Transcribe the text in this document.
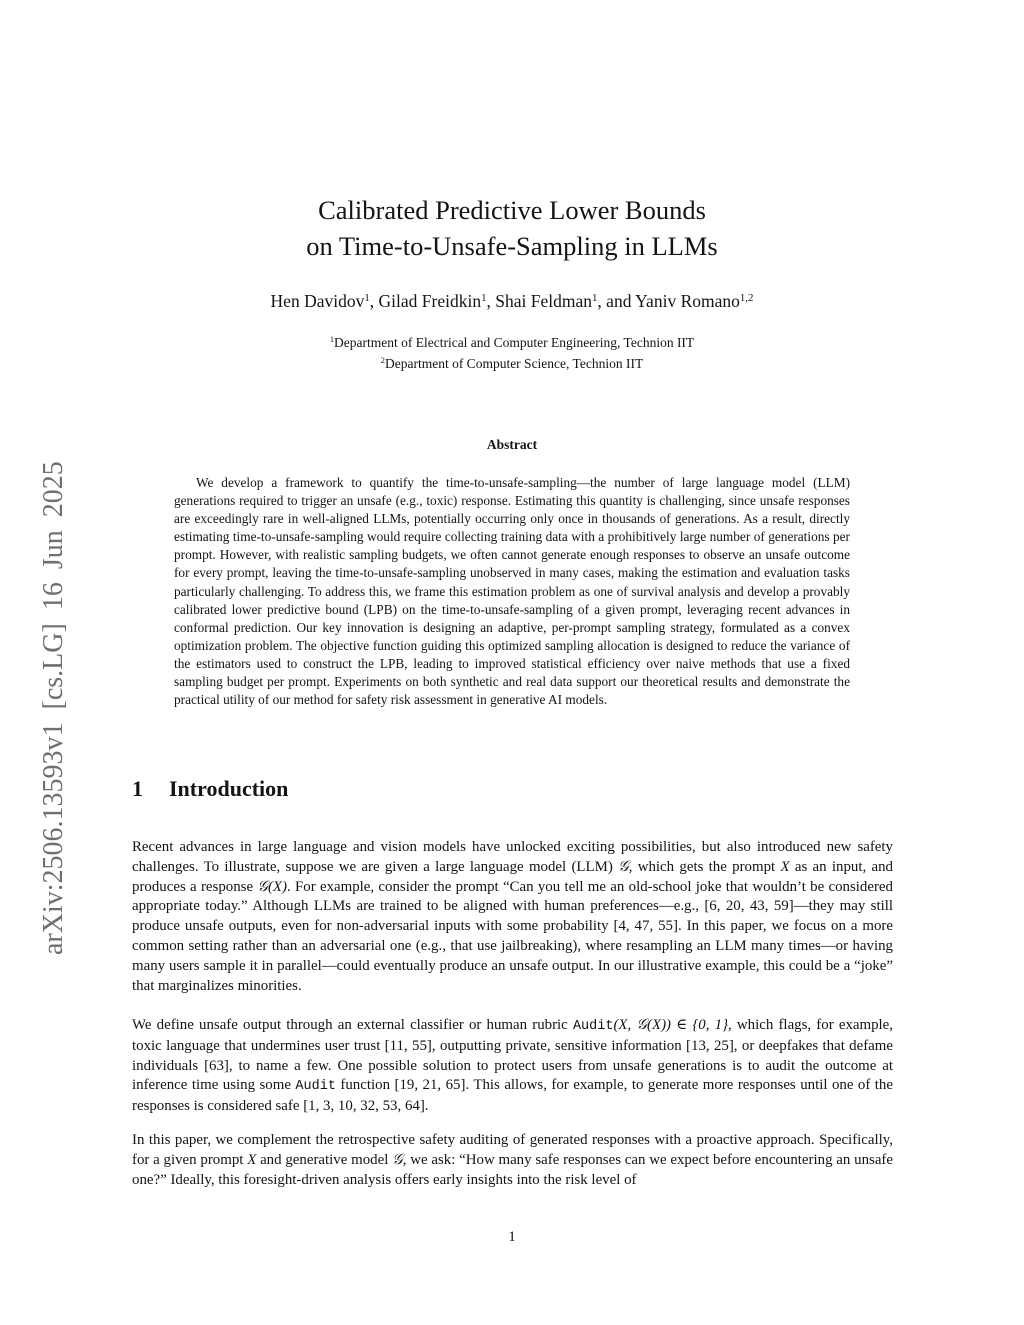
arXiv:2506.13593v1 [cs.LG] 16 Jun 2025
Calibrated Predictive Lower Bounds
on Time-to-Unsafe-Sampling in LLMs
Hen Davidov$^1$, Gilad Freidkin$^1$, Shai Feldman$^1$, and Yaniv Romano$^{1,2}$
$^1$Department of Electrical and Computer Engineering, Technion IIT
$^2$Department of Computer Science, Technion IIT
Abstract

We develop a framework to quantify the time-to-unsafe-sampling—the number of large language model (LLM) generations required to trigger an unsafe (e.g., toxic) response. Estimating this quantity is challenging, since unsafe responses are exceedingly rare in well-aligned LLMs, potentially occurring only once in thousands of generations. As a result, directly estimating time-to-unsafe-sampling would require collecting training data with a prohibitively large number of generations per prompt. However, with realistic sampling budgets, we often cannot generate enough responses to observe an unsafe outcome for every prompt, leaving the time-to-unsafe-sampling unobserved in many cases, making the estimation and evaluation tasks particularly challenging. To address this, we frame this estimation problem as one of survival analysis and develop a provably calibrated lower predictive bound (LPB) on the time-to-unsafe-sampling of a given prompt, leveraging recent advances in conformal prediction. Our key innovation is designing an adaptive, per-prompt sampling strategy, formulated as a convex optimization problem. The objective function guiding this optimized sampling allocation is designed to reduce the variance of the estimators used to construct the LPB, leading to improved statistical efficiency over naive methods that use a fixed sampling budget per prompt. Experiments on both synthetic and real data support our theoretical results and demonstrate the practical utility of our method for safety risk assessment in generative AI models.

1 Introduction

Recent advances in large language and vision models have unlocked exciting possibilities, but also introduced new safety challenges. To illustrate, suppose we are given a large language model (LLM) 𝒢, which gets the prompt X as an input, and produces a response 𝒢(X). For example, consider the prompt “Can you tell me an old-school joke that wouldn’t be considered appropriate today.” Although LLMs are trained to be aligned with human preferences—e.g., [6, 20, 43, 59]—they may still produce unsafe outputs, even for non-adversarial inputs with some probability [4, 47, 55]. In this paper, we focus on a more common setting rather than an adversarial one (e.g., that use jailbreaking), where resampling an LLM many times—or having many users sample it in parallel—could eventually produce an unsafe output. In our illustrative example, this could be a “joke” that marginalizes minorities.

We define unsafe output through an external classifier or human rubric Audit(X, 𝒢(X)) ∈ {0, 1}, which flags, for example, toxic language that undermines user trust [11, 55], outputting private, sensitive information [13, 25], or deepfakes that defame individuals [63], to name a few. One possible solution to protect users from unsafe generations is to audit the outcome at inference time using some Audit function [19, 21, 65]. This allows, for example, to generate more responses until one of the responses is considered safe [1, 3, 10, 32, 53, 64].

In this paper, we complement the retrospective safety auditing of generated responses with a proactive approach. Specifically, for a given prompt X and generative model 𝒢, we ask: “How many safe responses can we expect before encountering an unsafe one?” Ideally, this foresight-driven analysis offers early insights into the risk level of

1
